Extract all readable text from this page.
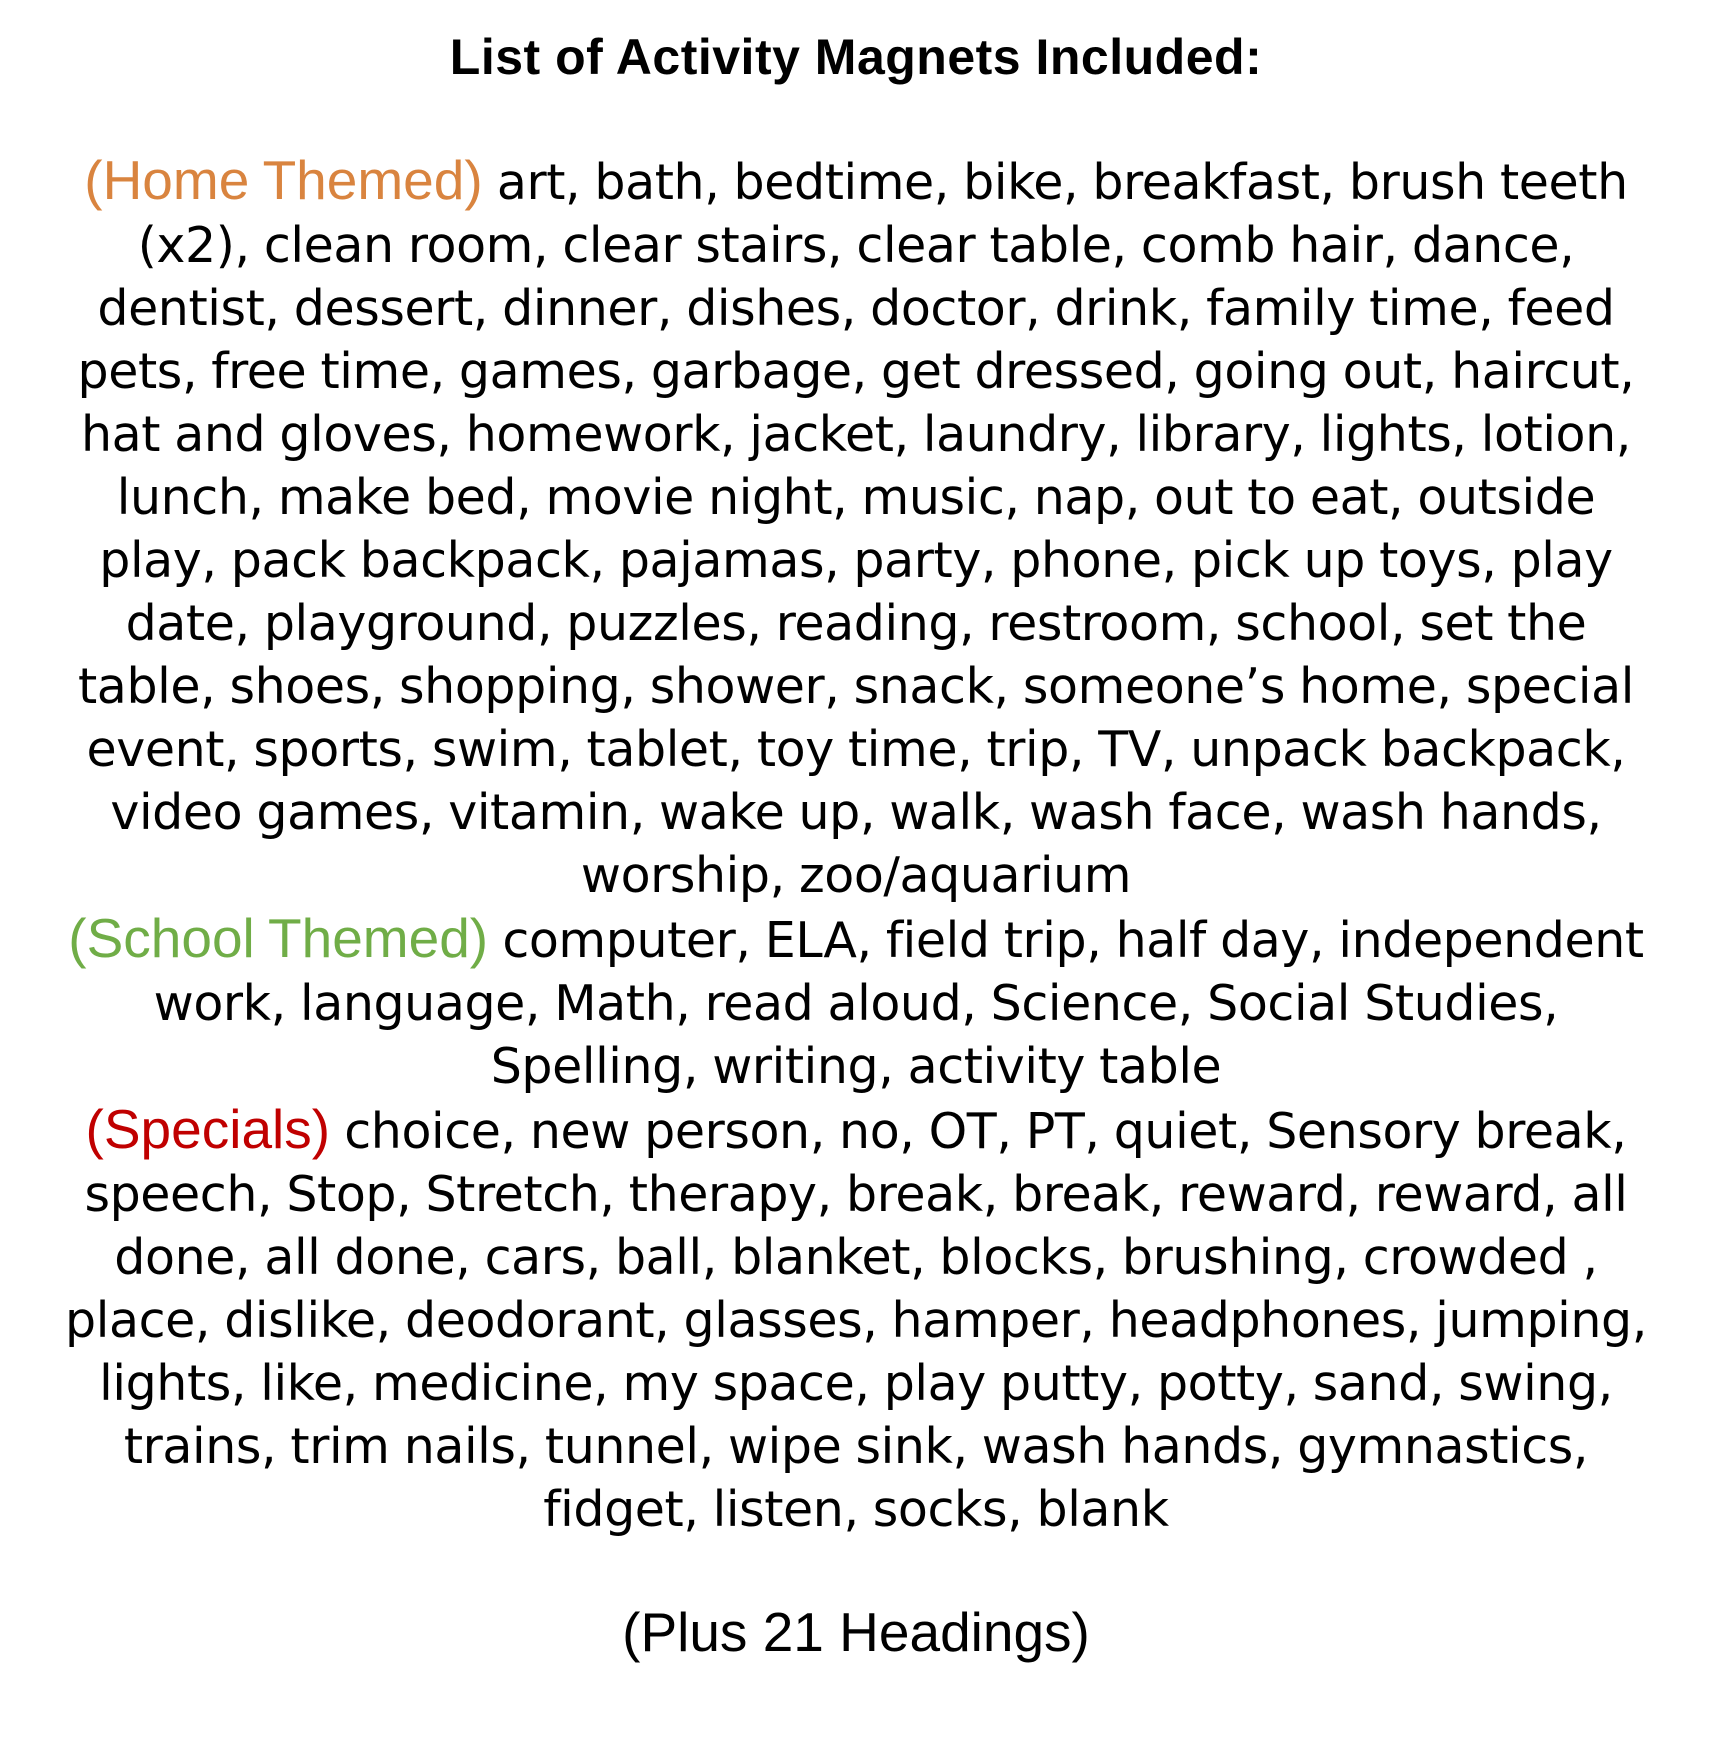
List of Activity Magnets Included:

(Home Themed) art, bath, bedtime, bike, breakfast, brush teeth (x2), clean room, clear stairs, clear table, comb hair, dance, dentist, dessert, dinner, dishes, doctor, drink, family time, feed pets, free time, games, garbage, get dressed, going out, haircut, hat and gloves, homework, jacket, laundry, library, lights, lotion, lunch, make bed, movie night, music, nap, out to eat, outside play, pack backpack, pajamas, party, phone, pick up toys, play date, playground, puzzles, reading, restroom, school, set the table, shoes, shopping, shower, snack, someone’s home, special event, sports, swim, tablet, toy time, trip, TV, unpack backpack, video games, vitamin, wake up, walk, wash face, wash hands, worship, zoo/aquarium

(School Themed) computer, ELA, field trip, half day, independent work, language, Math, read aloud, Science, Social Studies, Spelling, writing, activity table

(Specials) choice, new person, no, OT, PT, quiet, Sensory break, speech, Stop, Stretch, therapy, break, break, reward, reward, all done, all done, cars, ball, blanket, blocks, brushing, crowded , place, dislike, deodorant, glasses, hamper, headphones, jumping, lights, like, medicine, my space, play putty, potty, sand, swing, trains, trim nails, tunnel, wipe sink, wash hands, gymnastics, fidget, listen, socks, blank

(Plus 21 Headings)
